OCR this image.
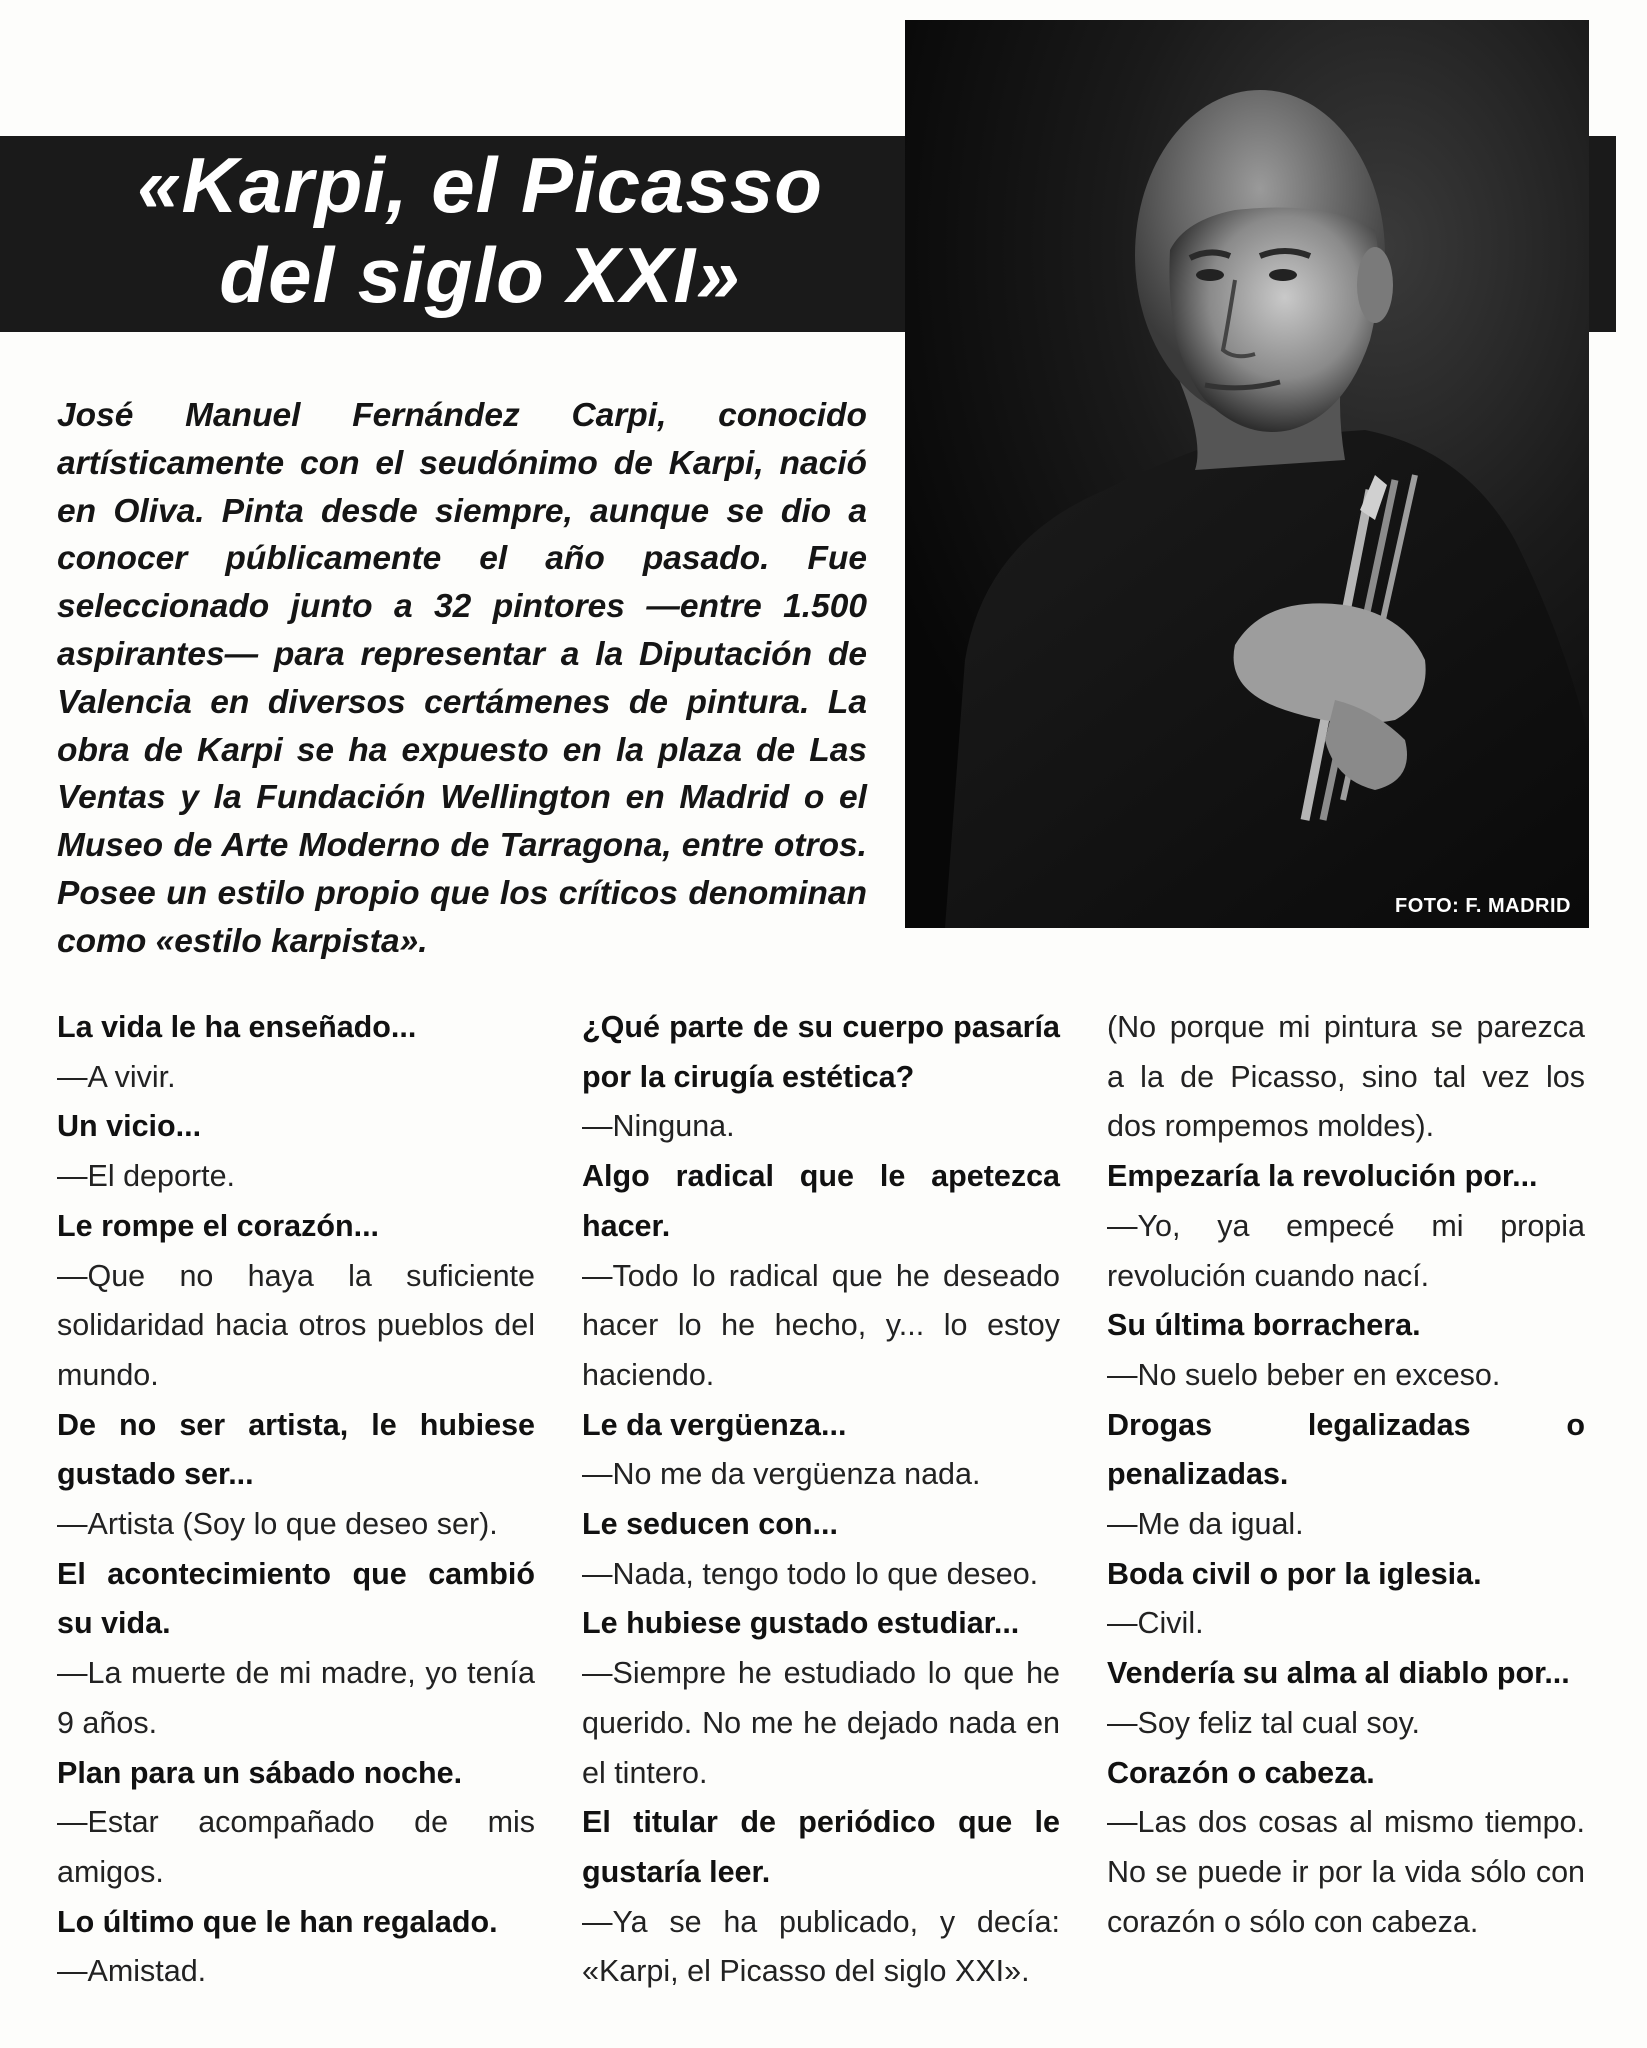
«Karpi, el Picasso
del siglo XXI»
FOTO: F. MADRID

José Manuel Fernández Carpi, conocido artísticamente con el seudónimo de Karpi, nació en Oliva. Pinta desde siempre, aunque se dio a conocer públicamente el año pasado. Fue seleccionado junto a 32 pintores —entre 1.500 aspirantes— para representar a la Diputación de Valencia en diversos certámenes de pintura. La obra de Karpi se ha expuesto en la plaza de Las Ventas y la Fundación Wellington en Madrid o el Museo de Arte Moderno de Tarragona, entre otros. Posee un estilo propio que los críticos denominan como «estilo karpista».

La vida le ha enseñado...

—A vivir.

Un vicio...

—El deporte.

Le rompe el corazón...

—Que no haya la suficiente solidaridad hacia otros pueblos del mundo.

De no ser artista, le hubiese gustado ser...

—Artista (Soy lo que deseo ser).

El acontecimiento que cambió su vida.

—La muerte de mi madre, yo tenía 9 años.

Plan para un sábado noche.

—Estar acompañado de mis amigos.

Lo último que le han regalado.

—Amistad.

¿Qué parte de su cuerpo pasaría por la cirugía estética?

—Ninguna.

Algo radical que le apetezca hacer.

—Todo lo radical que he deseado hacer lo he hecho, y... lo estoy haciendo.

Le da vergüenza...

—No me da vergüenza nada.

Le seducen con...

—Nada, tengo todo lo que deseo.

Le hubiese gustado estudiar...

—Siempre he estudiado lo que he querido. No me he dejado nada en el tintero.

El titular de periódico que le gustaría leer.

—Ya se ha publicado, y decía: «Karpi, el Picasso del siglo XXI».

(No porque mi pintura se parezca a la de Picasso, sino tal vez los dos rompemos moldes).

Empezaría la revolución por...

—Yo, ya empecé mi propia revolución cuando nací.

Su última borrachera.

—No suelo beber en exceso.

Drogas legalizadas o penalizadas.

—Me da igual.

Boda civil o por la iglesia.

—Civil.

Vendería su alma al diablo por...

—Soy feliz tal cual soy.

Corazón o cabeza.

—Las dos cosas al mismo tiempo. No se puede ir por la vida sólo con corazón o sólo con cabeza.
